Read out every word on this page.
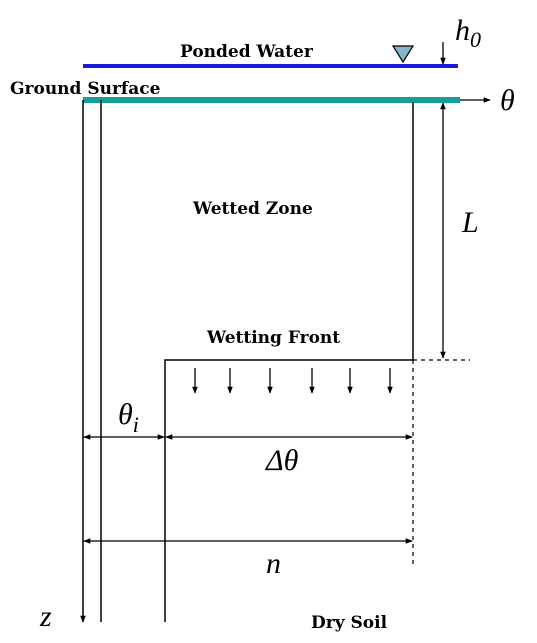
Ponded Water
$h_0$
Ground Surface	θ
z
Wetted Zone
Wetting Front
L
$\theta_i$
Δθ
n
Dry Soil
